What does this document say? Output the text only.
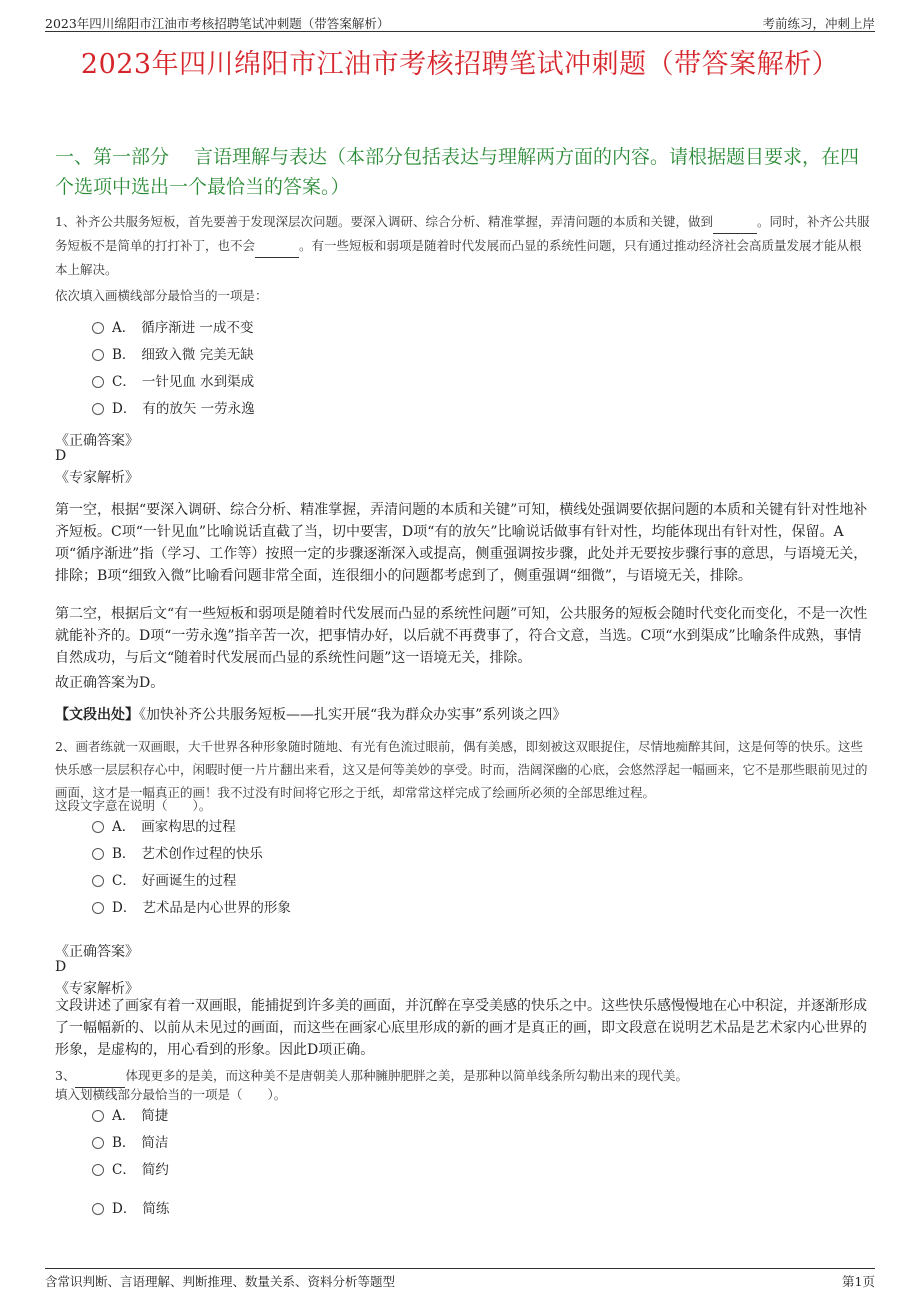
2023年四川绵阳市江油市考核招聘笔试冲刺题（带答案解析）	考前练习，冲刺上岸
2023年四川绵阳市江油市考核招聘笔试冲刺题（带答案解析）
一、第一部分　 言语理解与表达（本部分包括表达与理解两方面的内容。请根据题目要求，在四个选项中选出一个最恰当的答案。）
1、补齐公共服务短板，首先要善于发现深层次问题。要深入调研、综合分析、精准掌握，弄清问题的本质和关键，做到	。同时，补齐公共服务短板不是简单的打打补丁，也不会	。有一些短板和弱项是随着时代发展而凸显的系统性问题，只有通过推动经济社会高质量发展才能从根本上解决。
依次填入画横线部分最恰当的一项是：
A． 循序渐进 一成不变
B． 细致入微 完美无缺
C． 一针见血 水到渠成
D． 有的放矢 一劳永逸
《正确答案》
D
《专家解析》
第一空，根据“要深入调研、综合分析、精准掌握，弄清问题的本质和关键”可知，横线处强调要依据问题的本质和关键有针对性地补齐短板。C项“一针见血”比喻说话直截了当，切中要害，D项“有的放矢”比喻说话做事有针对性，均能体现出有针对性，保留。A项“循序渐进”指（学习、工作等）按照一定的步骤逐渐深入或提高，侧重强调按步骤，此处并无要按步骤行事的意思，与语境无关，排除；B项“细致入微”比喻看问题非常全面，连很细小的问题都考虑到了，侧重强调“细微”，与语境无关，排除。
第二空，根据后文“有一些短板和弱项是随着时代发展而凸显的系统性问题”可知，公共服务的短板会随时代变化而变化，不是一次性就能补齐的。D项“一劳永逸”指辛苦一次，把事情办好，以后就不再费事了，符合文意，当选。C项“水到渠成”比喻条件成熟，事情自然成功，与后文“随着时代发展而凸显的系统性问题”这一语境无关，排除。
故正确答案为D。
【文段出处】《加快补齐公共服务短板——扎实开展“我为群众办实事”系列谈之四》
2、画者练就一双画眼，大千世界各种形象随时随地、有光有色流过眼前，偶有美感，即刻被这双眼捉住，尽情地痴醉其间，这是何等的快乐。这些快乐感一层层积存心中，闲暇时便一片片翻出来看，这又是何等美妙的享受。时而，浩阔深幽的心底，会悠然浮起一幅画来，它不是那些眼前见过的画面，这才是一幅真正的画！我不过没有时间将它形之于纸，却常常这样完成了绘画所必须的全部思维过程。
这段文字意在说明（　　）。
A． 画家构思的过程
B． 艺术创作过程的快乐
C． 好画诞生的过程
D． 艺术品是内心世界的形象
《正确答案》
D
《专家解析》
文段讲述了画家有着一双画眼，能捕捉到许多美的画面，并沉醉在享受美感的快乐之中。这些快乐感慢慢地在心中积淀，并逐渐形成了一幅幅新的、以前从未见过的画面，而这些在画家心底里形成的新的画才是真正的画，即文段意在说明艺术品是艺术家内心世界的形象，是虚构的，用心看到的形象。因此D项正确。
3、	体现更多的是美，而这种美不是唐朝美人那种臃肿肥胖之美，是那种以简单线条所勾勒出来的现代美。
填入划横线部分最恰当的一项是（　　）。
A． 简捷
B． 简洁
C． 简约
D． 简练
含常识判断、言语理解、判断推理、数量关系、资料分析等题型	第1页
